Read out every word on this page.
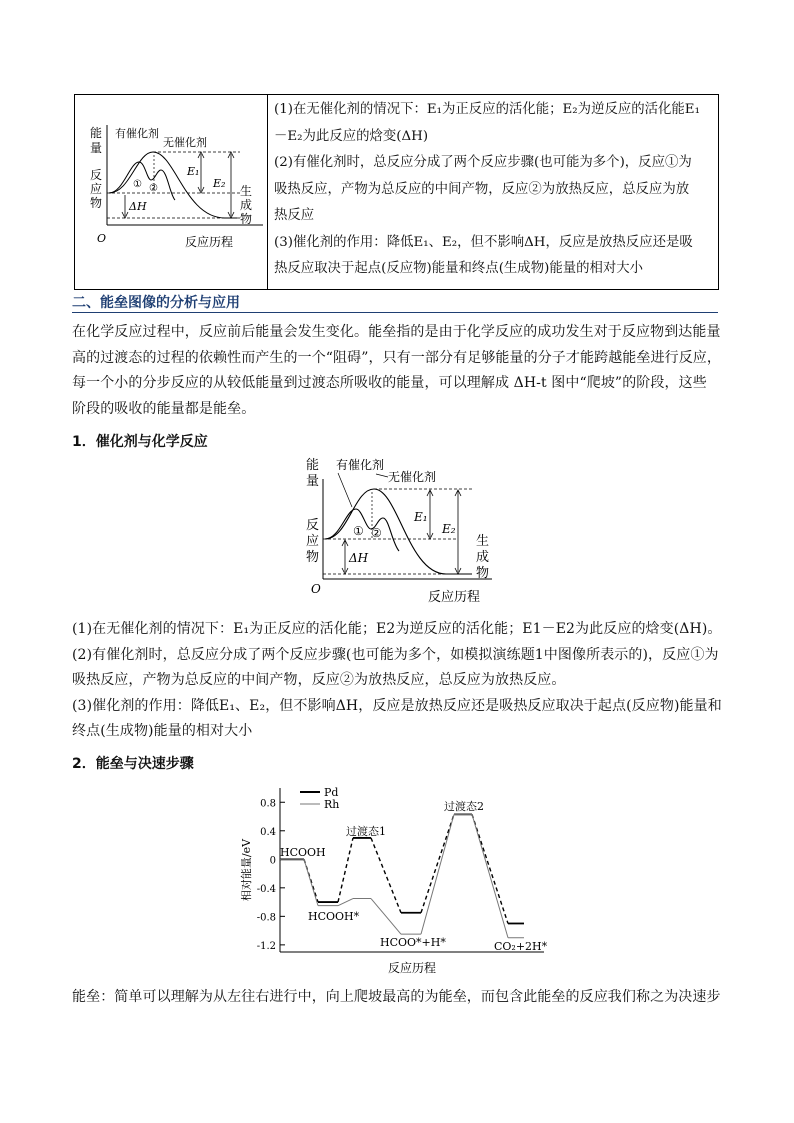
O	反应历程
能
量
反
应
物
生
成
物
有催化剂
无催化剂
① ②
E₁
E₂
ΔH

(1)在无催化剂的情况下：E₁为正反应的活化能；E₂为逆反应的活化能E₁
－E₂为此反应的焓变(ΔH)
(2)有催化剂时，总反应分成了两个反应步骤(也可能为多个)，反应①为
吸热反应，产物为总反应的中间产物，反应②为放热反应，总反应为放
热反应
(3)催化剂的作用：降低E₁、E₂，但不影响ΔH，反应是放热反应还是吸
热反应取决于起点(反应物)能量和终点(生成物)能量的相对大小
二、能垒图像的分析与应用
在化学反应过程中，反应前后能量会发生变化。能垒指的是由于化学反应的成功发生对于反应物到达能量
高的过渡态的过程的依赖性而产生的一个“阻碍”，只有一部分有足够能量的分子才能跨越能垒进行反应，
每一个小的分步反应的从较低能量到过渡态所吸收的能量，可以理解成 ΔH-t 图中“爬坡”的阶段，这些
阶段的吸收的能量都是能垒。
1．催化剂与化学反应
O
反应历程
能
量
反
应
物
生
成
物
有催化剂
无催化剂
① ②
E₁
E₂
ΔH
(1)在无催化剂的情况下：E₁为正反应的活化能；E2为逆反应的活化能；E1－E2为此反应的焓变(ΔH)。
(2)有催化剂时，总反应分成了两个反应步骤(也可能为多个，如模拟演练题1中图像所表示的)，反应①为
吸热反应，产物为总反应的中间产物，反应②为放热反应，总反应为放热反应。
(3)催化剂的作用：降低E₁、E₂，但不影响ΔH，反应是放热反应还是吸热反应取决于起点(反应物)能量和
终点(生成物)能量的相对大小
2．能垒与决速步骤
0.8
0.4
0
-0.4
-0.8
-1.2
HCOOH
HCOOH*
过渡态1
HCOO*+H*
过渡态2
CO₂+2H*
相对能量/eV
反应历程
Pd
Rh
能垒：简单可以理解为从左往右进行中，向上爬坡最高的为能垒，而包含此能垒的反应我们称之为决速步
